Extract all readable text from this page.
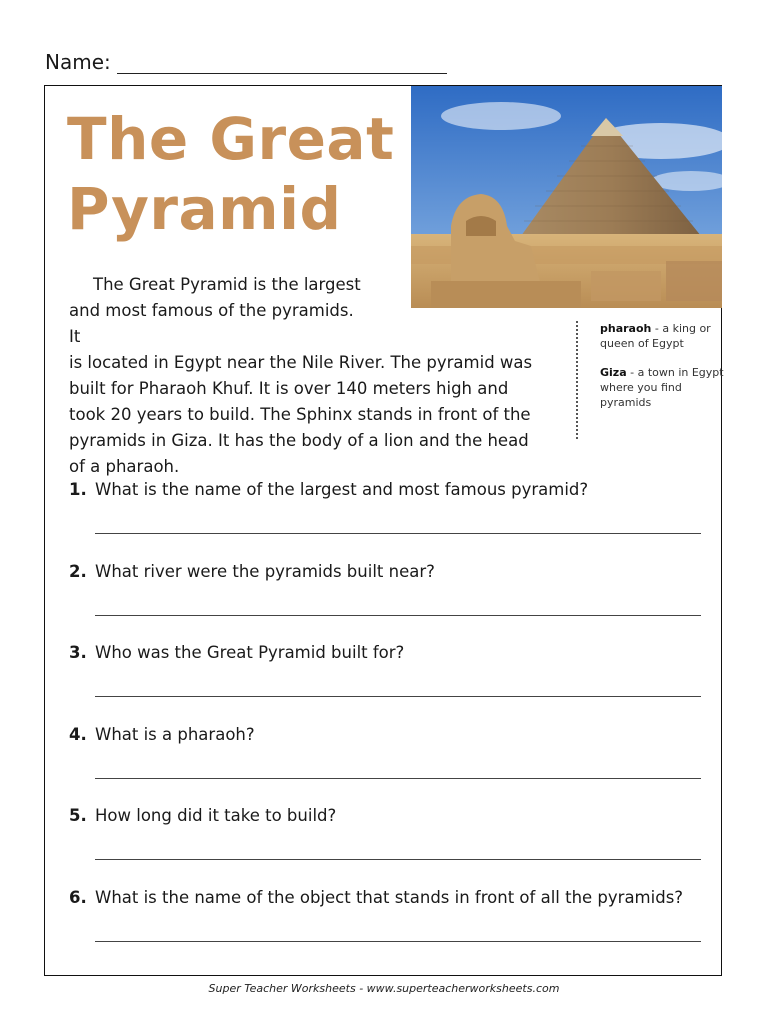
Name:
The Great
Pyramid
The Great Pyramid is the largest
and most famous of the pyramids. It
is located in Egypt near the Nile River. The pyramid was
built for Pharaoh Khuf. It is over 140 meters high and
took 20 years to build. The Sphinx stands in front of the
pyramids in Giza. It has the body of a lion and the head
of a pharaoh.
pharaoh - a king or queen of Egypt
Giza - a town in Egypt where you find pyramids
1. What is the name of the largest and most famous pyramid?
2. What river were the pyramids built near?
3. Who was the Great Pyramid built for?
4. What is a pharaoh?
5. How long did it take to build?
6. What is the name of the object that stands in front of all the pyramids?
Super Teacher Worksheets - www.superteacherworksheets.com
